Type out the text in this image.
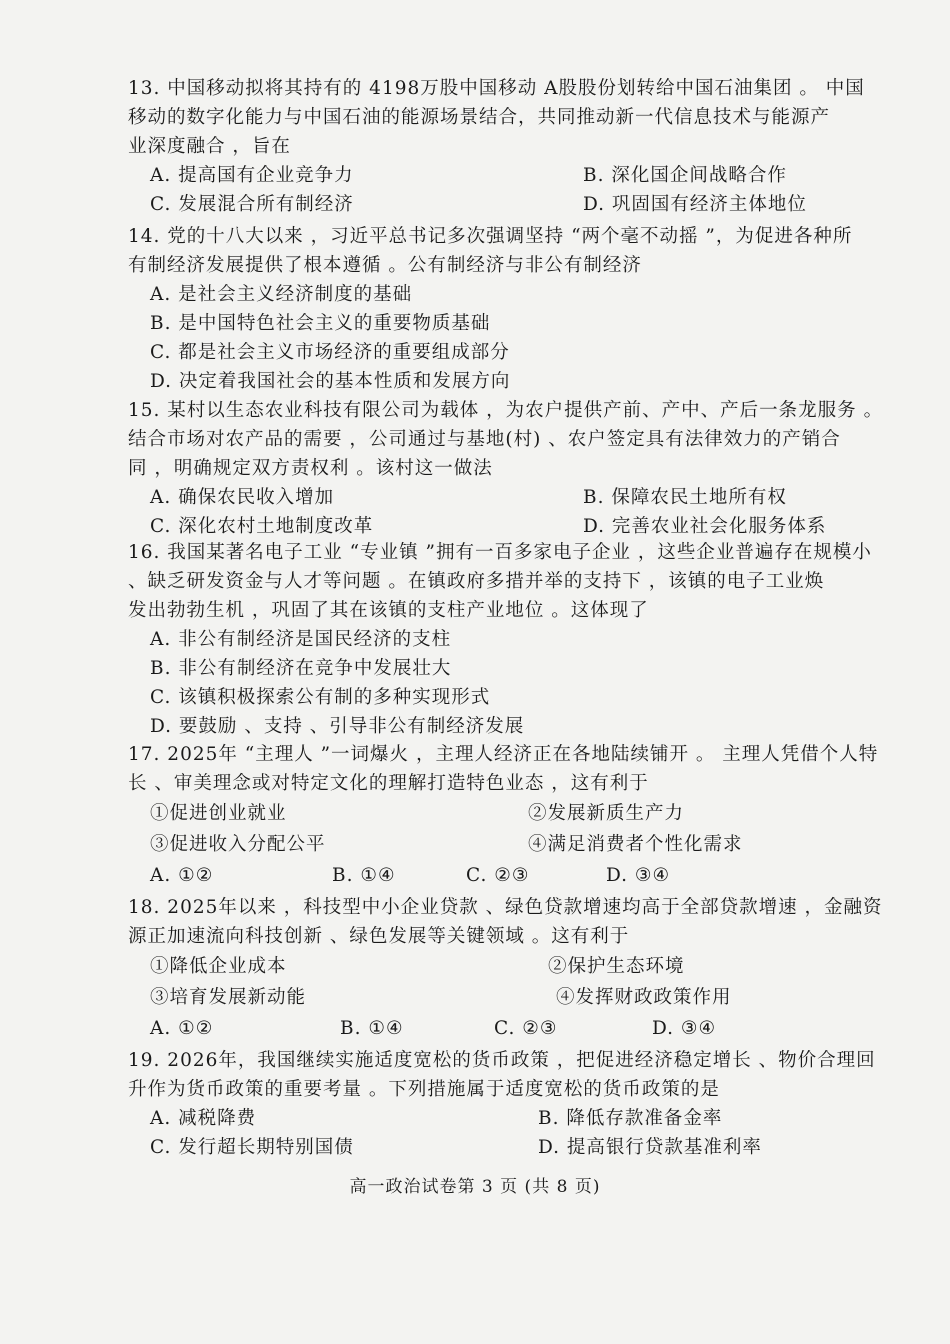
13. 中国移动拟将其持有的 4198万股中国移动 A股股份划转给中国石油集团 。 中国
移动的数字化能力与中国石油的能源场景结合，共同推动新一代信息技术与能源产
业深度融合 ，旨在
A. 提高国有企业竞争力	B. 深化国企间战略合作
C. 发展混合所有制经济	D. 巩固国有经济主体地位
14. 党的十八大以来 ，习近平总书记多次强调坚持 “两个毫不动摇 ”，为促进各种所
有制经济发展提供了根本遵循 。公有制经济与非公有制经济
A. 是社会主义经济制度的基础
B. 是中国特色社会主义的重要物质基础
C. 都是社会主义市场经济的重要组成部分
D. 决定着我国社会的基本性质和发展方向
15. 某村以生态农业科技有限公司为载体 ，为农户提供产前、产中、产后一条龙服务 。
结合市场对农产品的需要 ，公司通过与基地(村) 、农户签定具有法律效力的产销合
同 ，明确规定双方责权利 。该村这一做法
A. 确保农民收入增加	B. 保障农民土地所有权
C. 深化农村土地制度改革	D. 完善农业社会化服务体系
16. 我国某著名电子工业 “专业镇 ”拥有一百多家电子企业 ，这些企业普遍存在规模小
、缺乏研发资金与人才等问题 。在镇政府多措并举的支持下 ，该镇的电子工业焕
发出勃勃生机 ，巩固了其在该镇的支柱产业地位 。这体现了
A. 非公有制经济是国民经济的支柱
B. 非公有制经济在竞争中发展壮大
C. 该镇积极探索公有制的多种实现形式
D. 要鼓励 、支持 、引导非公有制经济发展
17. 2025年 “主理人 ”一词爆火 ，主理人经济正在各地陆续铺开 。 主理人凭借个人特
长 、审美理念或对特定文化的理解打造特色业态 ，这有利于
①促进创业就业	②发展新质生产力
③促进收入分配公平	④满足消费者个性化需求
A. ①②	B. ①④	C. ②③	D. ③④
18. 2025年以来 ，科技型中小企业贷款 、绿色贷款增速均高于全部贷款增速 ，金融资
源正加速流向科技创新 、绿色发展等关键领域 。这有利于
①降低企业成本	②保护生态环境
③培育发展新动能	④发挥财政政策作用
A. ①②	B. ①④	C. ②③	D. ③④
19. 2026年，我国继续实施适度宽松的货币政策 ，把促进经济稳定增长 、物价合理回
升作为货币政策的重要考量 。下列措施属于适度宽松的货币政策的是
A. 减税降费	B. 降低存款准备金率
C. 发行超长期特别国债	D. 提高银行贷款基准利率
高一政治试卷第 3 页 (共 8 页)
